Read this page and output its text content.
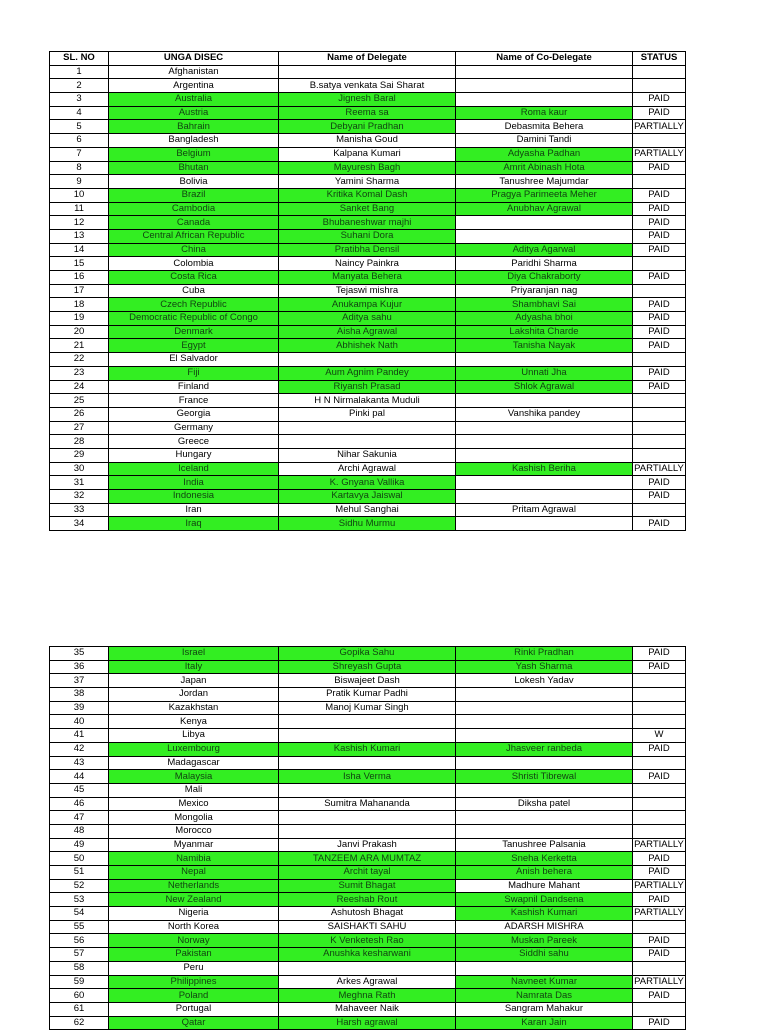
SL. NO	UNGA DISEC	Name of Delegate	Name of Co-Delegate	STATUS
1	Afghanistan			
2	Argentina	B.satya venkata Sai Sharat		
3	Australia	Jignesh Baral		PAID
4	Austria	Reema sa	Roma kaur	PAID
5	Bahrain	Debyani Pradhan	Debasmita Behera	PARTIALLY
6	Bangladesh	Manisha Goud	Damini Tandi	
7	Belgium	Kalpana Kumari	Adyasha Padhan	PARTIALLY
8	Bhutan	Mayuresh Bagh	Amrit Abinash Hota	PAID
9	Bolivia	Yamini Sharma	Tanushree Majumdar	
10	Brazil	Kritika Komal Dash	Pragya Parimeeta Meher	PAID
11	Cambodia	Sanket Bang	Anubhav Agrawal	PAID
12	Canada	Bhubaneshwar majhi		PAID
13	Central African Republic	Suhani Dora		PAID
14	China	Pratibha Densil	Aditya Agarwal	PAID
15	Colombia	Naincy Painkra	Paridhi Sharma	
16	Costa Rica	Manyata Behera	Diya Chakraborty	PAID
17	Cuba	Tejaswi mishra	Priyaranjan nag	
18	Czech Republic	Anukampa Kujur	Shambhavi Sai	PAID
19	Democratic Republic of Congo	Aditya sahu	Adyasha bhoi	PAID
20	Denmark	Aisha Agrawal	Lakshita Charde	PAID
21	Egypt	Abhishek Nath	Tanisha Nayak	PAID
22	El Salvador			
23	Fiji	Aum Agnim Pandey	Unnati Jha	PAID
24	Finland	Riyansh Prasad	Shlok Agrawal	PAID
25	France	H N Nirmalakanta Muduli		
26	Georgia	Pinki pal	Vanshika pandey	
27	Germany			
28	Greece			
29	Hungary	Nihar Sakunia		
30	Iceland	Archi Agrawal	Kashish Beriha	PARTIALLY
31	India	K. Gnyana Vallika		PAID
32	Indonesia	Kartavya Jaiswal		PAID
33	Iran	Mehul Sanghai	Pritam Agrawal	
34	Iraq	Sidhu Murmu		PAID
35	Israel	Gopika Sahu	Rinki Pradhan	PAID
36	Italy	Shreyash Gupta	Yash Sharma	PAID
37	Japan	Biswajeet Dash	Lokesh Yadav	
38	Jordan	Pratik Kumar Padhi		
39	Kazakhstan	Manoj Kumar Singh		
40	Kenya			
41	Libya			W
42	Luxembourg	Kashish Kumari	Jhasveer ranbeda	PAID
43	Madagascar			
44	Malaysia	Isha Verma	Shristi Tibrewal	PAID
45	Mali			
46	Mexico	Sumitra Mahananda	Diksha patel	
47	Mongolia			
48	Morocco			
49	Myanmar	Janvi Prakash	Tanushree Palsania	PARTIALLY
50	Namibia	TANZEEM ARA MUMTAZ	Sneha Kerketta	PAID
51	Nepal	Archit tayal	Anish behera	PAID
52	Netherlands	Sumit Bhagat	Madhure Mahant	PARTIALLY
53	New Zealand	Reeshab Rout	Swapnil Dandsena	PAID
54	Nigeria	Ashutosh Bhagat	Kashish Kumari	PARTIALLY
55	North Korea	SAISHAKTI SAHU	ADARSH MISHRA	
56	Norway	K Venketesh Rao	Muskan Pareek	PAID
57	Pakistan	Anushka kesharwani	Siddhi sahu	PAID
58	Peru			
59	Philippines	Arkes Agrawal	Navneet Kumar	PARTIALLY
60	Poland	Meghna Rath	Namrata Das	PAID
61	Portugal	Mahaveer Naik	Sangram Mahakur	
62	Qatar	Harsh agrawal	Karan Jain	PAID
